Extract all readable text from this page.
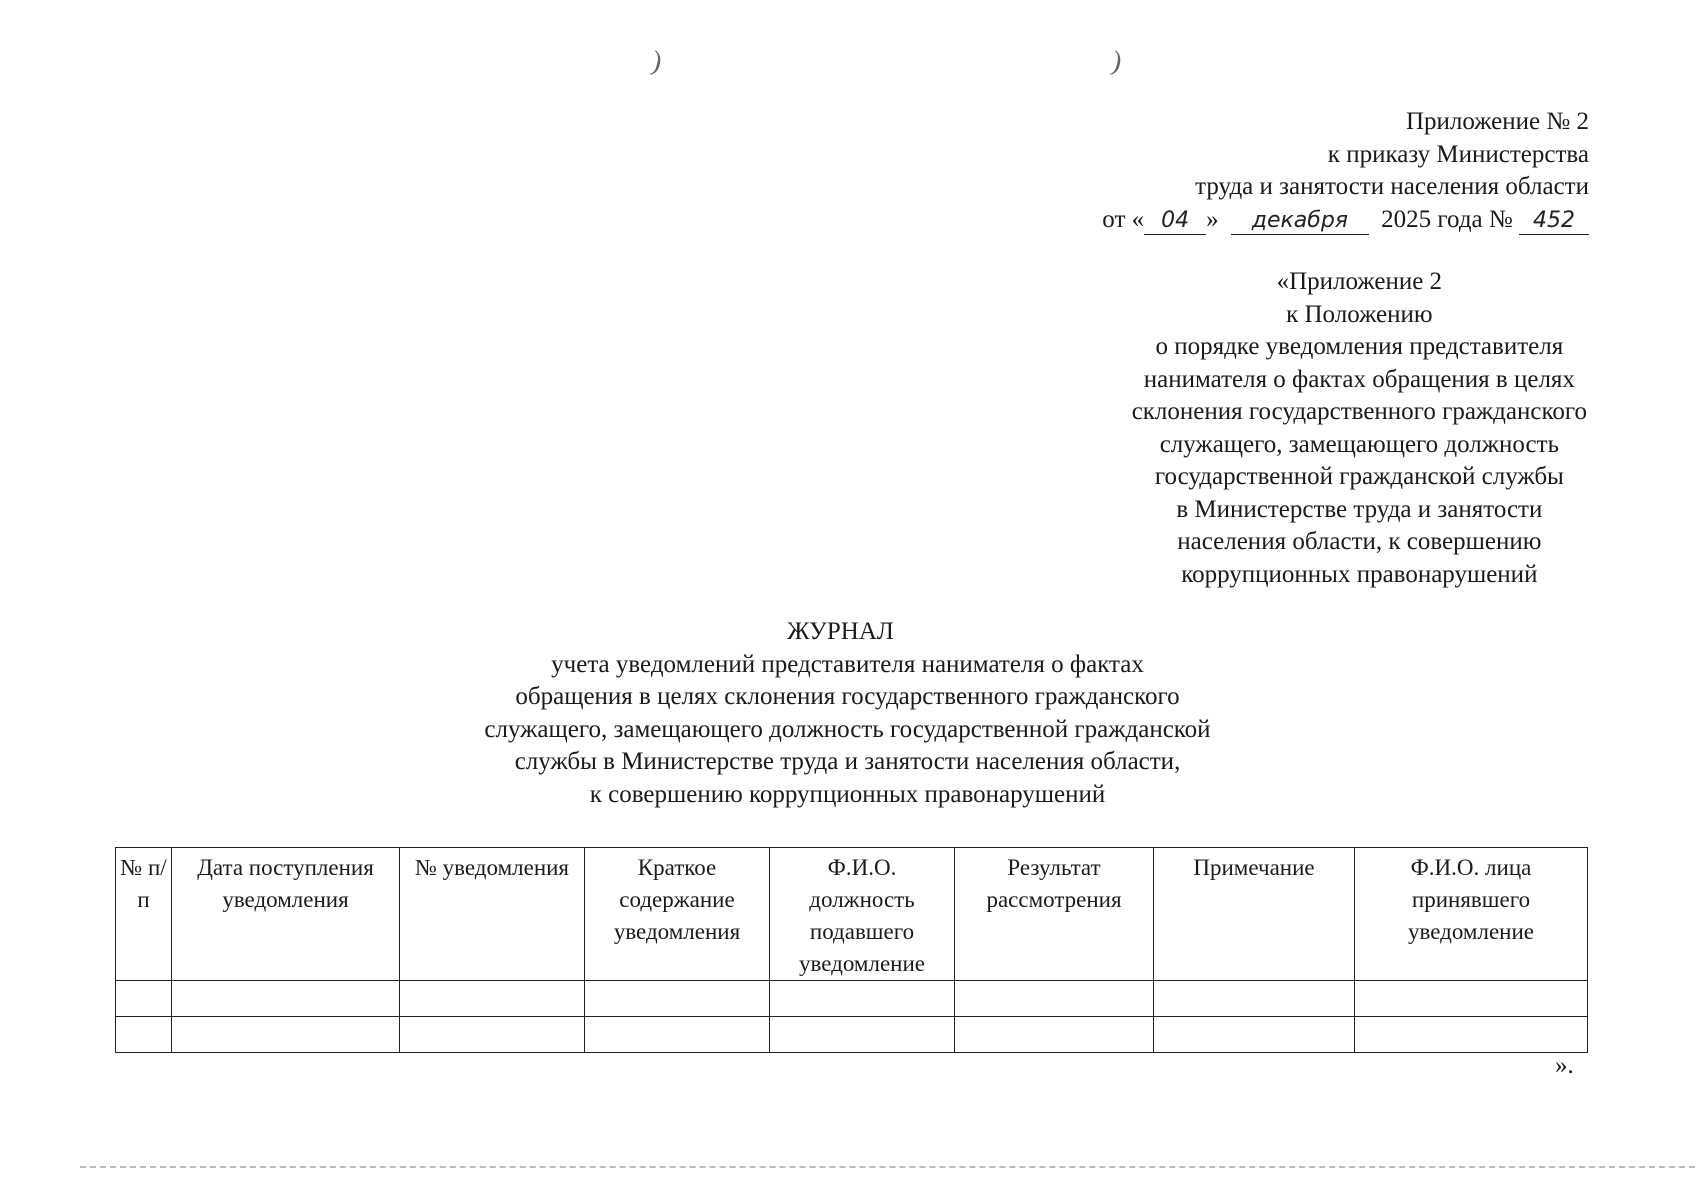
)	)
Приложение № 2
к приказу Министерства
труда и занятости населения области
от « 04 » декабря 2025 года № 452
«Приложение 2
к Положению
о порядке уведомления представителя
нанимателя о фактах обращения в целях
склонения государственного гражданского
служащего, замещающего должность
государственной гражданской службы
в Министерстве труда и занятости
населения области, к совершению
коррупционных правонарушений
ЖУРНАЛ
учета уведомлений представителя нанимателя о фактах
обращения в целях склонения государственного гражданского
служащего, замещающего должность государственной гражданской
службы в Министерстве труда и занятости населения области,
к совершению коррупционных правонарушений
№ п/п	Дата поступления уведомления	№ уведомления	Краткое содержание уведомления	Ф.И.О. должность подавшего уведомление	Результат рассмотрения	Примечание	Ф.И.О. лица принявшего уведомление

».
